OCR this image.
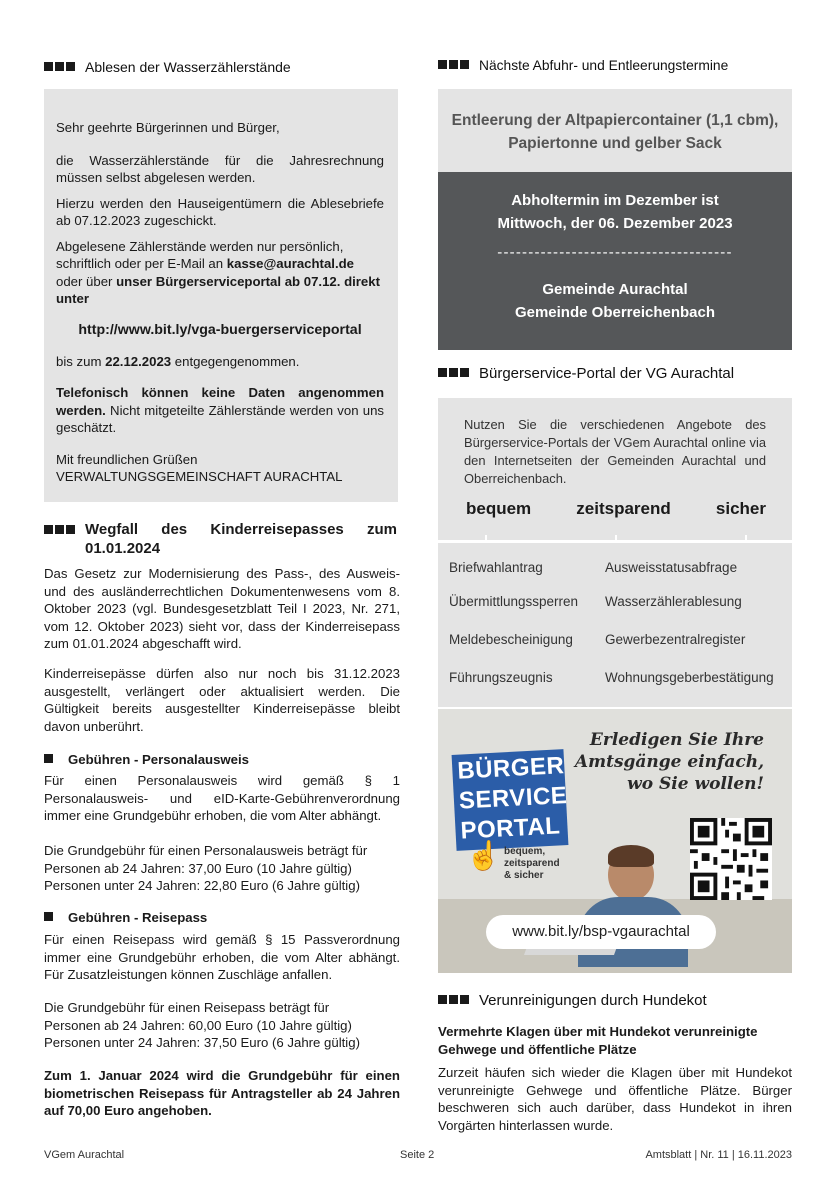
Ablesen der Wasserzählerstände
Sehr geehrte Bürgerinnen und Bürger,
die Wasserzählerstände für die Jahresrechnung müssen selbst abgelesen werden.
Hierzu werden den Hauseigentümern die Ablesebriefe ab 07.12.2023 zugeschickt.
Abgelesene Zählerstände werden nur persönlich, schriftlich oder per E-Mail an kasse@aurachtal.de oder über unser Bürgerserviceportal ab 07.12. direkt unter
http://www.bit.ly/vga-buergerserviceportal
bis zum 22.12.2023 entgegengenommen.
Telefonisch können keine Daten angenommen werden. Nicht mitgeteilte Zählerstände werden von uns geschätzt.
Mit freundlichen Grüßen
VERWALTUNGSGEMEINSCHAFT AURACHTAL
Wegfall des Kinderreisepasses zum 01.01.2024
Das Gesetz zur Modernisierung des Pass-, des Ausweis- und des ausländerrechtlichen Dokumentenwesens vom 8. Oktober 2023 (vgl. Bundesgesetzblatt Teil I 2023, Nr. 271, vom 12. Oktober 2023) sieht vor, dass der Kinderreisepass zum 01.01.2024 abgeschafft wird.
Kinderreisepässe dürfen also nur noch bis 31.12.2023 ausgestellt, verlängert oder aktualisiert werden. Die Gültigkeit bereits ausgestellter Kinderreisepässe bleibt davon unberührt.
Gebühren - Personalausweis
Für einen Personalausweis wird gemäß § 1 Personalausweis- und eID-Karte-Gebührenverordnung immer eine Grundgebühr erhoben, die vom Alter abhängt.
Die Grundgebühr für einen Personalausweis beträgt für
Personen ab 24 Jahren: 37,00 Euro (10 Jahre gültig)
Personen unter 24 Jahren: 22,80 Euro (6 Jahre gültig)
Gebühren - Reisepass
Für einen Reisepass wird gemäß § 15 Passverordnung immer eine Grundgebühr erhoben, die vom Alter abhängt. Für Zusatzleistungen können Zuschläge anfallen.
Die Grundgebühr für einen Reisepass beträgt für
Personen ab 24 Jahren: 60,00 Euro (10 Jahre gültig)
Personen unter 24 Jahren: 37,50 Euro (6 Jahre gültig)
Zum 1. Januar 2024 wird die Grundgebühr für einen biometrischen Reisepass für Antragsteller ab 24 Jahren auf 70,00 Euro angehoben.
Nächste Abfuhr- und Entleerungstermine
Entleerung der Altpapiercontainer (1,1 cbm),
Papiertonne und gelber Sack
Abholtermin im Dezember ist
Mittwoch, der 06. Dezember 2023
--------------------------------------
Gemeinde Aurachtal
Gemeinde Oberreichenbach
Bürgerservice-Portal der VG Aurachtal
Nutzen Sie die verschiedenen Angebote des Bürgerservice-Portals der VGem Aurachtal online via den Internetseiten der Gemeinden Aurachtal und Oberreichenbach.
bequem	zeitsparend	sicher
Briefwahlantrag	Ausweisstatusabfrage
Übermittlungssperren	Wasserzählerablesung
Meldebescheinigung	Gewerbezentralregister
Führungszeugnis	Wohnungsgeberbestätigung
Erledigen Sie Ihre
Amtsgänge einfach,
wo Sie wollen!
BÜRGER
SERVICE
PORTAL
☝ bequem,
zeitsparend
& sicher
www.bit.ly/bsp-vgaurachtal
Verunreinigungen durch Hundekot
Vermehrte Klagen über mit Hundekot verunreinigte Gehwege und öffentliche Plätze
Zurzeit häufen sich wieder die Klagen über mit Hundekot verunreinigte Gehwege und öffentliche Plätze. Bürger beschweren sich auch darüber, dass Hundekot in ihren Vorgärten hinterlassen wurde.
VGem Aurachtal	Seite 2	Amtsblatt | Nr. 11 | 16.11.2023
